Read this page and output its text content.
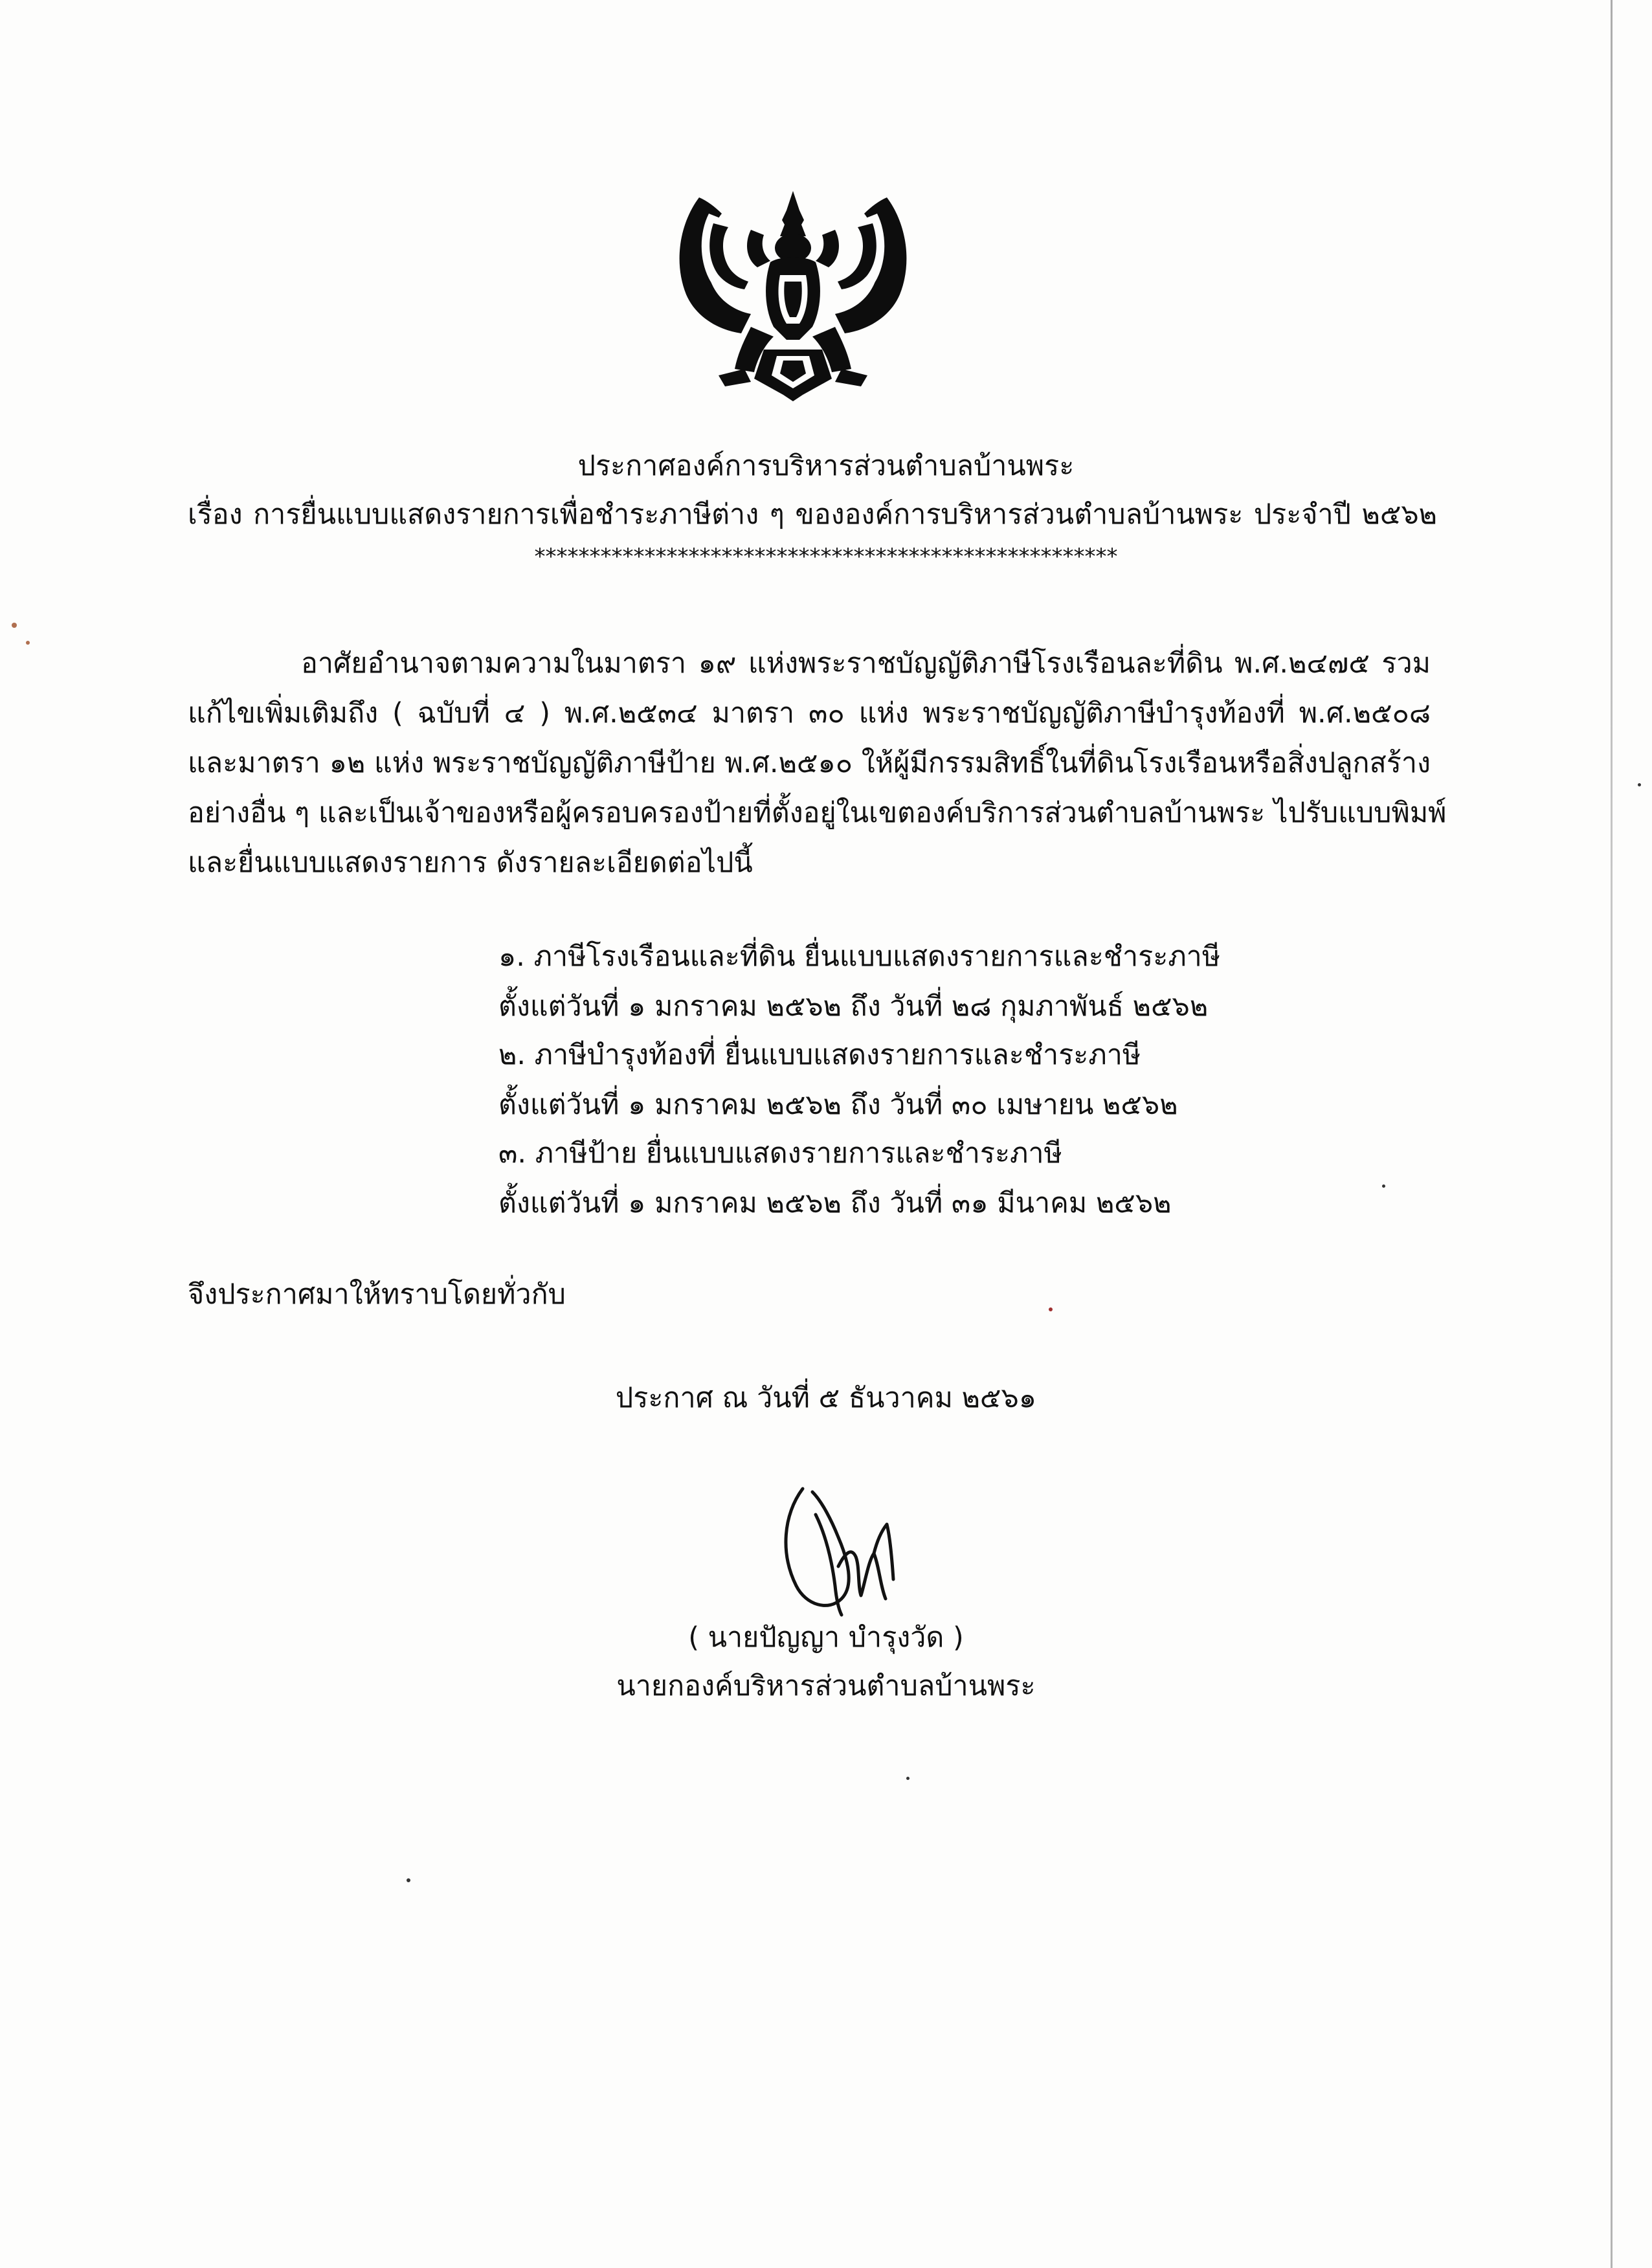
ประกาศองค์การบริหารส่วนตำบลบ้านพระ
เรื่อง การยื่นแบบแสดงรายการเพื่อชำระภาษีต่าง ๆ ขององค์การบริหารส่วนตำบลบ้านพระ ประจำปี ๒๕๖๒
*****************************************************
อาศัยอำนาจตามความในมาตรา ๑๙ แห่งพระราชบัญญัติภาษีโรงเรือนละที่ดิน พ.ศ.๒๔๗๕ รวม
แก้ไขเพิ่มเติมถึง ( ฉบับที่ ๔ ) พ.ศ.๒๕๓๔ มาตรา ๓๐ แห่ง พระราชบัญญัติภาษีบำรุงท้องที่ พ.ศ.๒๕๐๘
และมาตรา ๑๒ แห่ง พระราชบัญญัติภาษีป้าย พ.ศ.๒๕๑๐ ให้ผู้มีกรรมสิทธิ์ในที่ดินโรงเรือนหรือสิ่งปลูกสร้าง
อย่างอื่น ๆ และเป็นเจ้าของหรือผู้ครอบครองป้ายที่ตั้งอยู่ในเขตองค์บริการส่วนตำบลบ้านพระ ไปรับแบบพิมพ์
และยื่นแบบแสดงรายการ ดังรายละเอียดต่อไปนี้
๑. ภาษีโรงเรือนและที่ดิน ยื่นแบบแสดงรายการและชำระภาษี
ตั้งแต่วันที่ ๑ มกราคม ๒๕๖๒ ถึง วันที่ ๒๘ กุมภาพันธ์ ๒๕๖๒
๒. ภาษีบำรุงท้องที่ ยื่นแบบแสดงรายการและชำระภาษี
ตั้งแต่วันที่ ๑ มกราคม ๒๕๖๒ ถึง วันที่ ๓๐ เมษายน ๒๕๖๒
๓. ภาษีป้าย ยื่นแบบแสดงรายการและชำระภาษี
ตั้งแต่วันที่ ๑ มกราคม ๒๕๖๒ ถึง วันที่ ๓๑ มีนาคม ๒๕๖๒
จึงประกาศมาให้ทราบโดยทั่วกับ
ประกาศ ณ วันที่ ๕ ธันวาคม ๒๕๖๑
( นายปัญญา บำรุงวัด )
นายกองค์บริหารส่วนตำบลบ้านพระ
